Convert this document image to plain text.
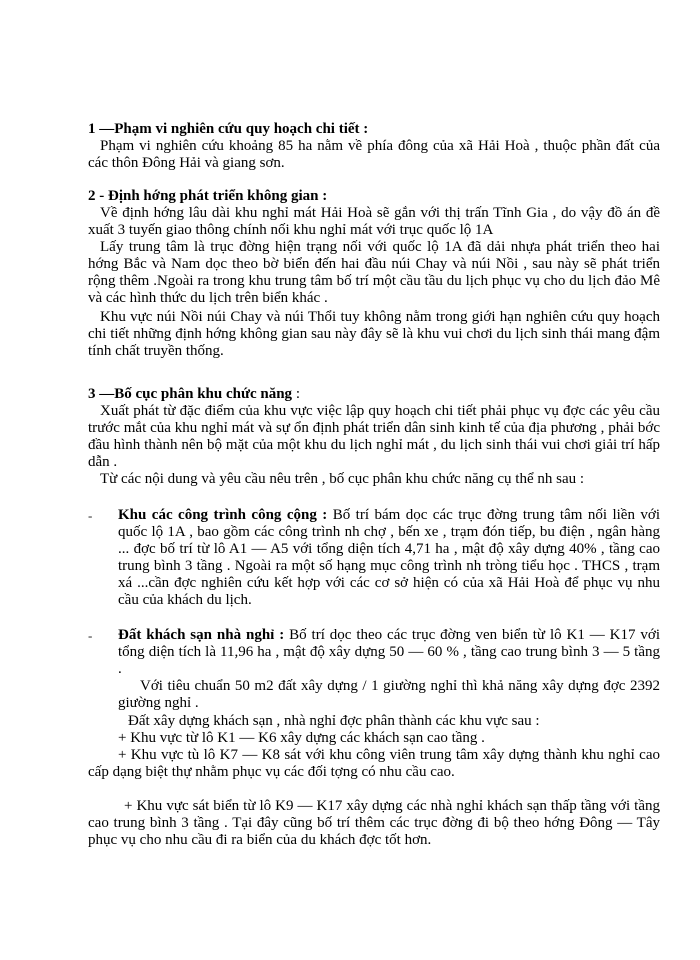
1 —Phạm vi nghiên cứu quy hoạch chi tiết :

Phạm vi nghiên cứu khoảng 85 ha nằm về phía đông của xã Hải Hoà , thuộc phần đất của các thôn Đông Hải và giang sơn.

2 - Định hớng phát triển không gian :

Về định hớng lâu dài khu nghỉ mát Hải Hoà sẽ gắn với thị trấn Tĩnh Gia , do vậy đồ án đề xuất 3 tuyến giao thông chính nối khu nghỉ mát với trục quốc lộ 1A

Lấy trung tâm là trục đờng hiện trạng nối với quốc lộ 1A đã dải nhựa phát triển theo hai hớng Bắc và Nam dọc theo bờ biển đến hai đầu núi Chay và núi Nồi , sau này sẽ phát triển rộng thêm .Ngoài ra trong khu trung tâm bố trí một cầu tầu du lịch phục vụ cho du lịch đảo Mê và các hình thức du lịch trên biển khác .

Khu vực núi Nồi núi Chay và núi Thổi tuy không nằm trong giới hạn nghiên cứu quy hoạch chi tiết những định hớng không gian sau này đây sẽ là khu vui chơi du lịch sinh thái mang đậm tính chất truyền thống.

3 —Bố cục phân khu chức năng :

Xuất phát từ đặc điểm của khu vực việc lập quy hoạch chi tiết phải phục vụ đợc các yêu cầu trước mắt của khu nghỉ mát và sự ổn định phát triển dân sinh kinh tế của địa phương , phải bớc đầu hình thành nên bộ mặt của một khu du lịch nghỉ mát , du lịch sinh thái vui chơi giải trí hấp dẫn .

Từ các nội dung và yêu cầu nêu trên , bố cục phân khu chức năng cụ thể nh sau :

- Khu các công trình công cộng : Bố trí bám dọc các trục đờng trung tâm nối liền với quốc lộ 1A , bao gồm các công trình nh chợ , bến xe , trạm đón tiếp, bu điện , ngân hàng ... đợc bố trí từ lô A1 — A5 với tổng diện tích 4,71 ha , mật độ xây dựng 40% , tầng cao trung bình 3 tầng . Ngoài ra một số hạng mục công trình nh tròng tiểu học . THCS , trạm xá ...cần đợc nghiên cứu kết hợp với các cơ sở hiện có của xã Hải Hoà để phục vụ nhu cầu của khách du lịch.
- Đất khách sạn nhà nghỉ : Bố trí dọc theo các trục đờng ven biển từ lô K1 — K17 với tổng diện tích là 11,96 ha , mật độ xây dựng 50 — 60 % , tầng cao trung bình 3 — 5 tầng .

Với tiêu chuẩn 50 m2 đất xây dựng / 1 giường nghỉ thì khả năng xây dựng đợc 2392 giường nghỉ .

Đất xây dựng khách sạn , nhà nghỉ đợc phân thành các khu vực sau :

+ Khu vực từ lô K1 — K6 xây dựng các khách sạn cao tầng .

+ Khu vực tù lô K7 — K8 sát với khu công viên trung tâm xây dựng thành khu nghỉ cao cấp dạng biệt thự nhằm phục vụ các đối tợng có nhu cầu cao.

+ Khu vực sát biển từ lô K9 — K17 xây dựng các nhà nghỉ khách sạn thấp tầng với tầng cao trung bình 3 tầng . Tại đây cũng bố trí thêm các trục đờng đi bộ theo hớng Đông — Tây phục vụ cho nhu cầu đi ra biển của du khách đợc tốt hơn.
